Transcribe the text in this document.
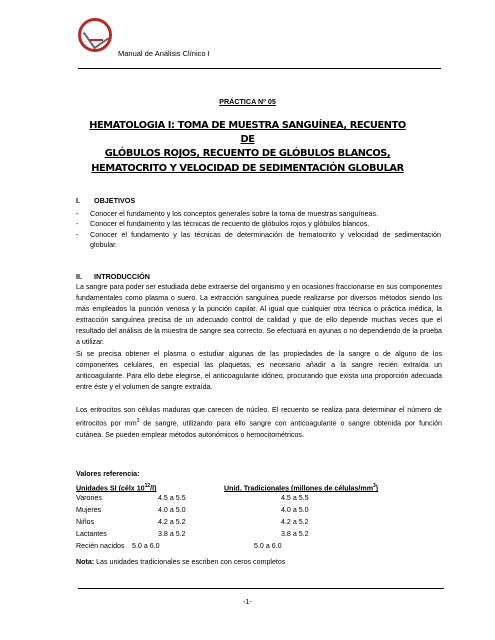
Manual de Análisis Clínico I
PRÁCTICA Nº 05
HEMATOLOGIA I: TOMA DE MUESTRA SANGUÍNEA, RECUENTO DE
GLÓBULOS ROJOS, RECUENTO DE GLÓBULOS BLANCOS,
HEMATOCRITO Y VELOCIDAD DE SEDIMENTACIÓN GLOBULAR
I. OBJETIVOS
- Conocer el fundamento y los conceptos generales sobre la toma de muestras sanguíneas.
- Conocer el fundamento y las técnicas de recuento de glóbulos rojos y glóbulos blancos.
- Conocer el fundamento y las técnicas de determinación de hematocrito y velocidad de sedimentación globular.
II. INTRODUCCIÓN
La sangre para poder ser estudiada debe extraerse del organismo y en ocasiones fraccionarse en sus componentes fundamentales como plasma o suero. La extracción sanguínea puede realizarse por diversos métodos siendo los más empleados la punción venosa y la punción capilar. Al igual que cualquier otra técnica o práctica médica, la extracción sanguínea precisa de un adecuado control de calidad y que de ello depende muchas veces que el resultado del análisis de la muestra de sangre sea correcto. Se efectuará en ayunas o no dependiendo de la prueba a utilizar.
Si se precisa obtener el plasma o estudiar algunas de las propiedades de la sangre o de alguno de los componentes celulares, en especial las plaquetas, es necesario añadir a la sangre recién extraída un anticoagulante. Para ello debe elegirse, el anticoagulante idóneo, procurando que exista una proporción adecuada entre éste y el volumen de sangre extraída.
Los eritrocitos son células maduras que carecen de núcleo. El recuento se realiza para determinar el número de eritrocitos por $mm^3$ de sangre, utilizando para ello sangre con anticoagulante o sangre obtenida por función cutánea. Se pueden emplear métodos autonómicos o hemocitométricos.
Valores referencia:
Unidades SI (célx $10^{12}/l$)	Unid. Tradicionales (millones de células/$mm^3$)
Varones	4.5 a 5.5	4.5 a 5.5
Mujeres	4.0 a 5.0	4.0 a 5.0
Niños	4.2 a 5.2	4.2 a 5.2
Lactantes	3.8 a 5.2	3.8 a 5.2
Recién nacidos 5.0 a 6.0	5.0 a 6.0
Nota: Las unidades tradicionales se escriben con ceros completos
-1-
